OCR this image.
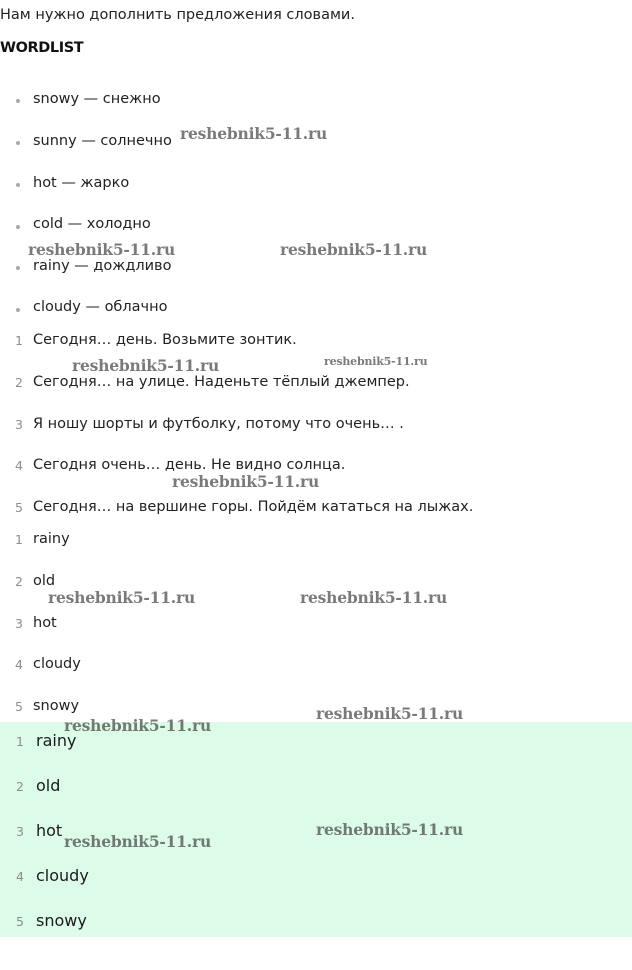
Нам нужно дополнить предложения словами.
WORDLIST
snowy — снежно
sunny — солнечно
hot — жарко
cold — холодно
rainy — дождливо
cloudy — облачно
1 Сегодня… день. Возьмите зонтик.
2 Сегодня… на улице. Наденьте тёплый джемпер.
3 Я ношу шорты и футболку, потому что очень… .
4 Сегодня очень… день. Не видно солнца.
5 Сегодня… на вершине горы. Пойдём кататься на лыжах.
1 rainy
2 old
3 hot
4 cloudy
5 snowy
1 rainy
2 old
3 hot
4 cloudy
5 snowy
reshebnik5-11.ru
reshebnik5-11.ru	reshebnik5-11.ru
reshebnik5-11.ru	reshebnik5-11.ru
reshebnik5-11.ru
reshebnik5-11.ru	reshebnik5-11.ru
reshebnik5-11.ru
reshebnik5-11.ru
reshebnik5-11.ru
reshebnik5-11.ru
